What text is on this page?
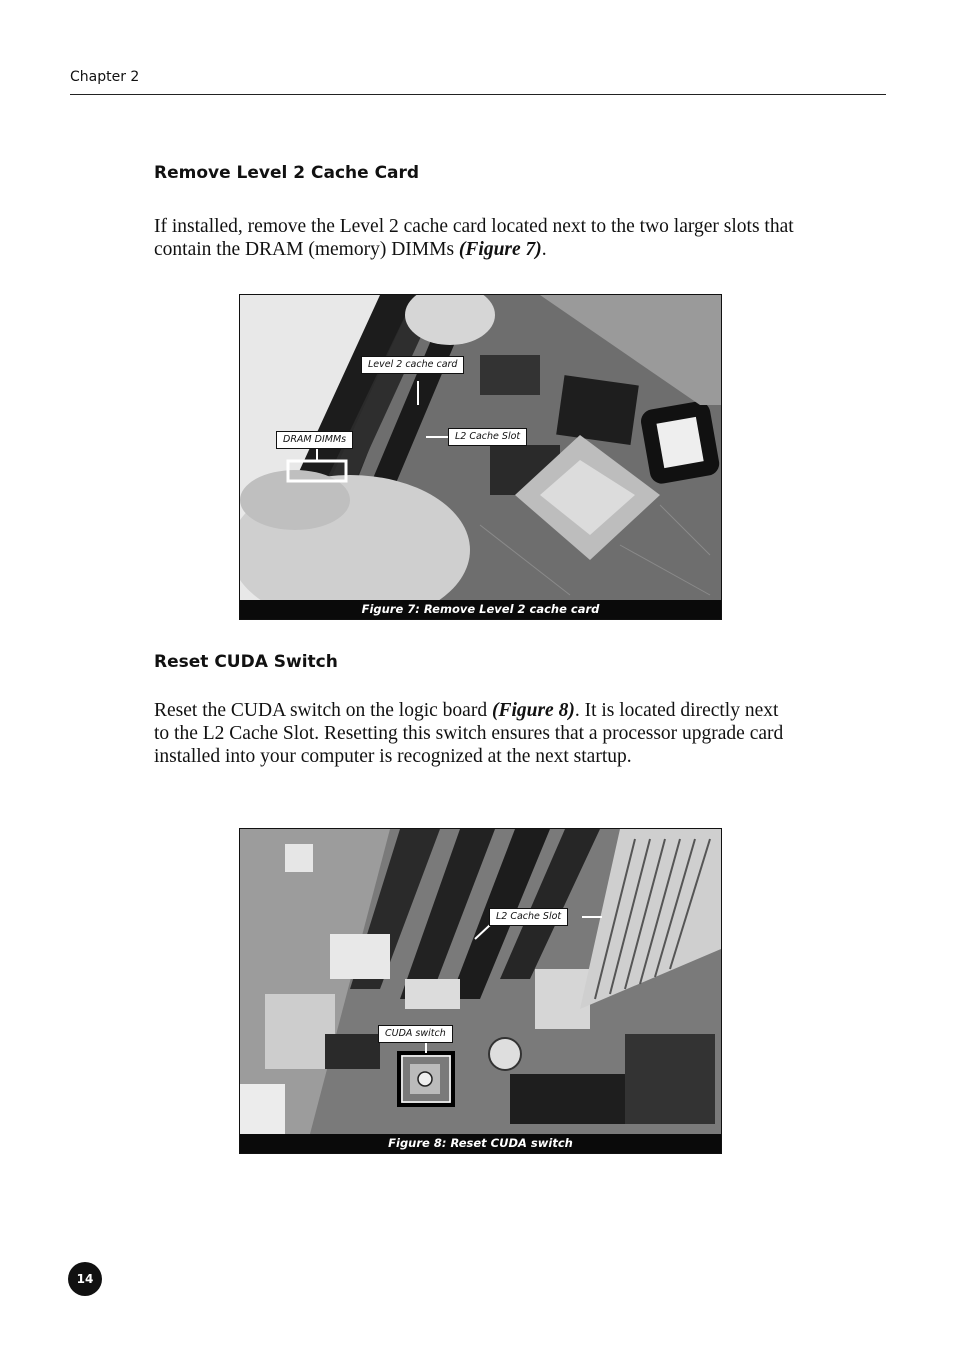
Chapter 2
Remove Level 2 Cache Card

If installed, remove the Level 2 cache card located next to the two larger slots that contain the DRAM (memory) DIMMs (Figure 7).

Level 2 cache card
L2 Cache Slot
DRAM DIMMs
Figure 7: Remove Level 2 cache card
Reset CUDA Switch

Reset the CUDA switch on the logic board (Figure 8). It is located directly next to the L2 Cache Slot. Resetting this switch ensures that a processor upgrade card installed into your computer is recognized at the next startup.

L2 Cache Slot
CUDA switch
Figure 8: Reset CUDA switch
14
